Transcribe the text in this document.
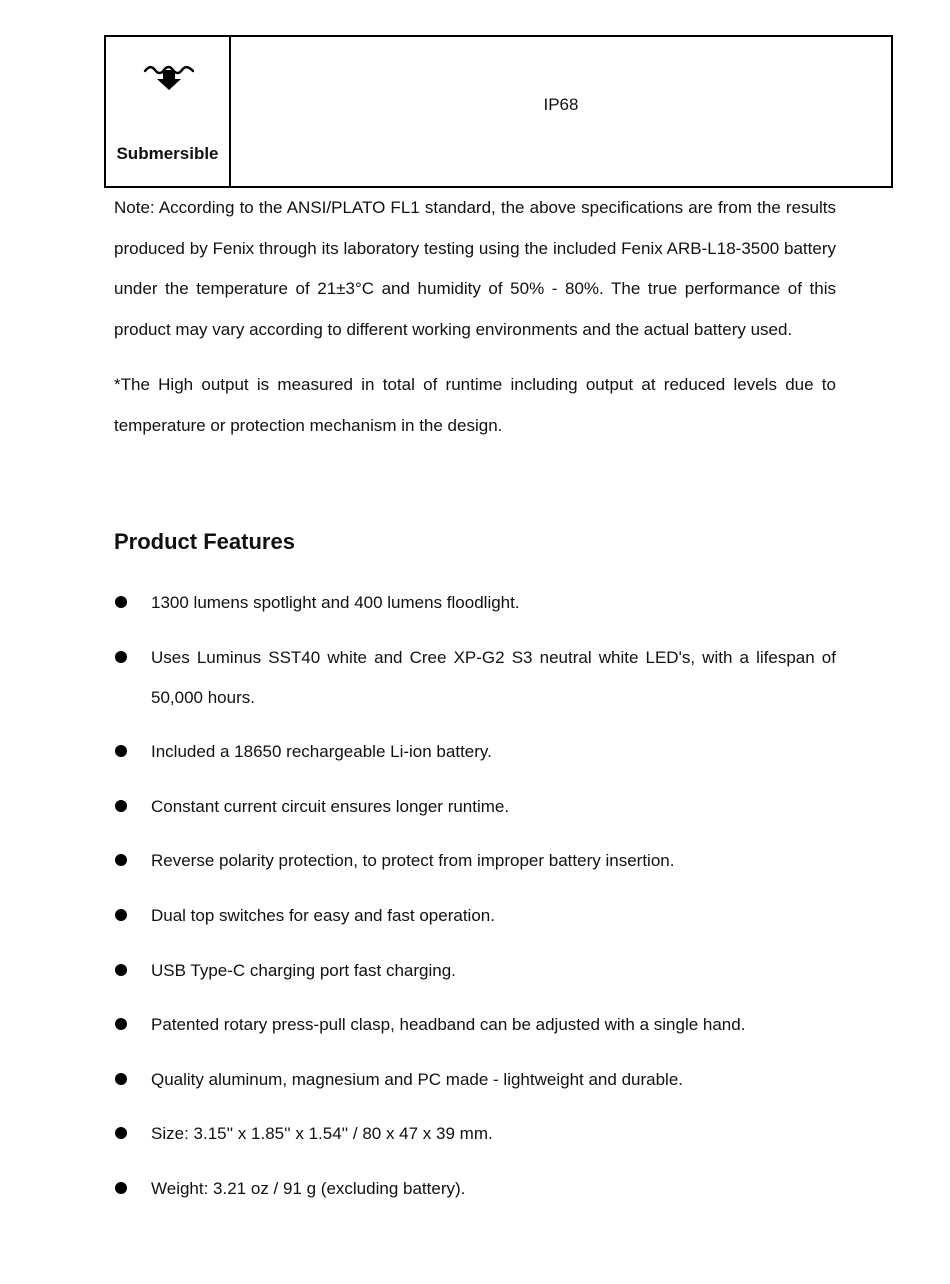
Submersible
IP68

Note: According to the ANSI/PLATO FL1 standard, the above specifications are from the results produced by Fenix through its laboratory testing using the included Fenix ARB-L18-3500 battery under the temperature of 21±3°C and humidity of 50% - 80%. The true performance of this product may vary according to different working environments and the actual battery used.

*The High output is measured in total of runtime including output at reduced levels due to temperature or protection mechanism in the design.

Product Features
1300 lumens spotlight and 400 lumens floodlight.
Uses Luminus SST40 white and Cree XP-G2 S3 neutral white LED's, with a lifespan of 50,000 hours.
Included a 18650 rechargeable Li-ion battery.
Constant current circuit ensures longer runtime.
Reverse polarity protection, to protect from improper battery insertion.
Dual top switches for easy and fast operation.
USB Type-C charging port fast charging.
Patented rotary press-pull clasp, headband can be adjusted with a single hand.
Quality aluminum, magnesium and PC made - lightweight and durable.
Size: 3.15'' x 1.85'' x 1.54'' / 80 x 47 x 39 mm.
Weight: 3.21 oz / 91 g (excluding battery).
